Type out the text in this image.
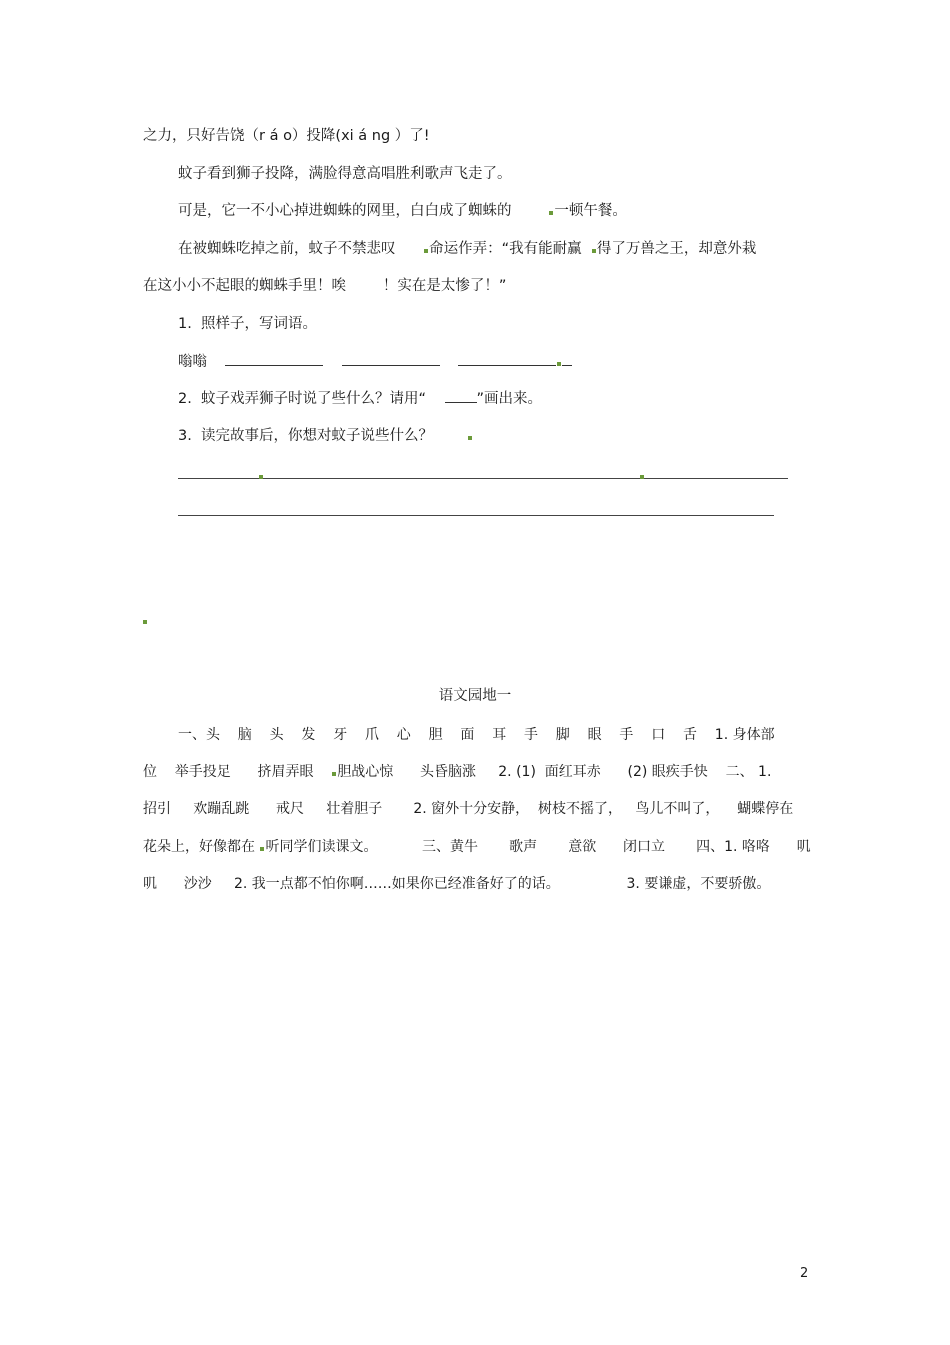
之力，只好告饶（r á o）投降(xi á ng ）了!
蚊子看到狮子投降，满脸得意高唱胜利歌声飞走了。
可是，它一不小心掉进蜘蛛的网里，白白成了蜘蛛的	一顿午餐。
在被蜘蛛吃掉之前，蚊子不禁悲叹 命运作弄：“我有能耐赢 得了万兽之王，却意外栽
在这小小不起眼的蜘蛛手里！唉        ！实在是太惨了！”
1.  照样子，写词语。
嗡嗡
2.  蚊子戏弄狮子时说了些什么？请用“	”画出来。
3.  读完故事后，你想对蚊子说些什么？
语文园地一
一、头    脑    头    发    牙    爪    心    胆    面    耳    手    脚    眼    手    口    舌    1. 身体部
位    举手投足      挤眉弄眼    胆战心惊      头昏脑涨     2. (1)  面红耳赤      (2) 眼疾手快    二、 1.
招引     欢蹦乱跳      戒尺     壮着胆子       2. 窗外十分安静，  树枝不摇了，   鸟儿不叫了，    蝴蝶停在
花朵上，好像都在 听同学们读课文。          三、黄牛       歌声       意欲      闭口立       四、1. 咯咯      叽
叽      沙沙     2. 我一点都不怕你啊……如果你已经准备好了的话。               3. 要谦虚，不要骄傲。
2
